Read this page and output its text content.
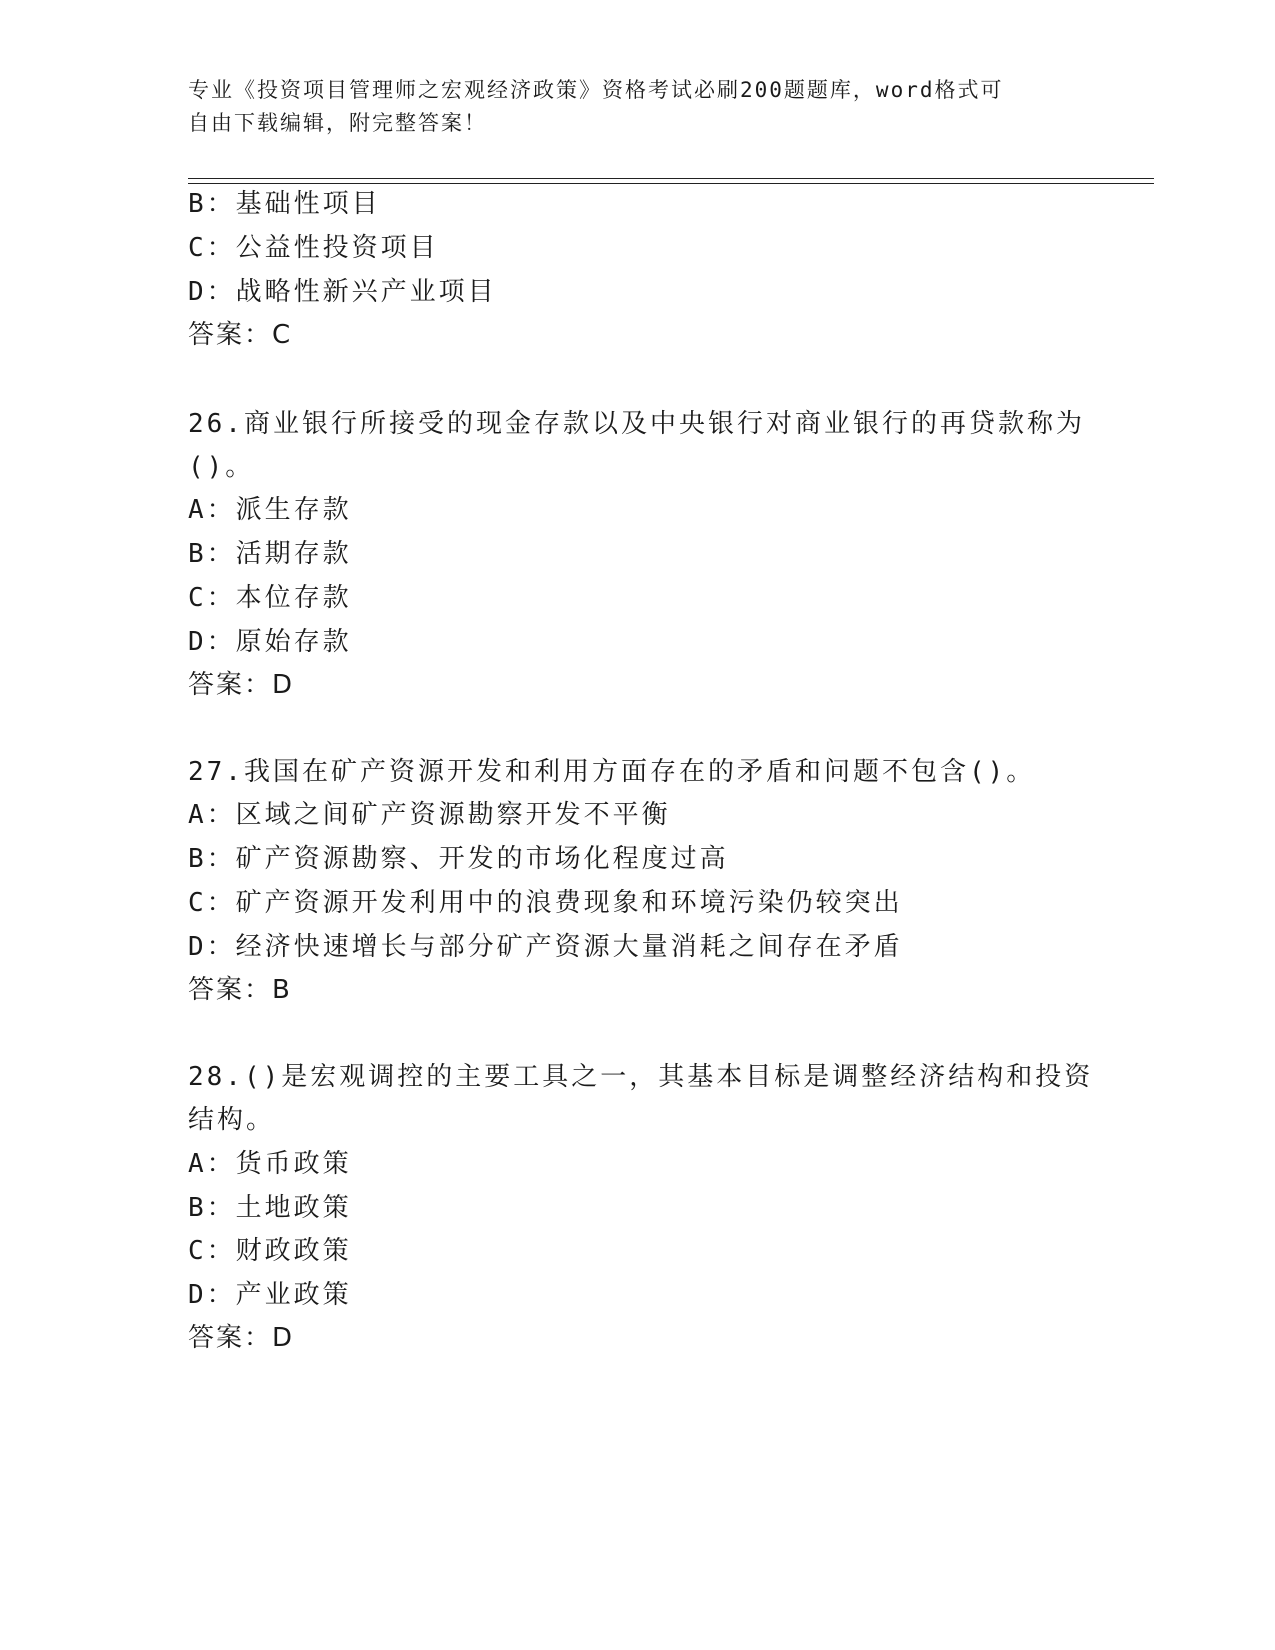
专业《投资项目管理师之宏观经济政策》资格考试必刷200题题库，word格式可
自由下载编辑，附完整答案！
B：基础性项目
C：公益性投资项目
D：战略性新兴产业项目
答案：C
26.商业银行所接受的现金存款以及中央银行对商业银行的再贷款称为
()。
A：派生存款
B：活期存款
C：本位存款
D：原始存款
答案：D
27.我国在矿产资源开发和利用方面存在的矛盾和问题不包含()。
A：区域之间矿产资源勘察开发不平衡
B：矿产资源勘察、开发的市场化程度过高
C：矿产资源开发利用中的浪费现象和环境污染仍较突出
D：经济快速增长与部分矿产资源大量消耗之间存在矛盾
答案：B
28.()是宏观调控的主要工具之一，其基本目标是调整经济结构和投资
结构。
A：货币政策
B：土地政策
C：财政政策
D：产业政策
答案：D
